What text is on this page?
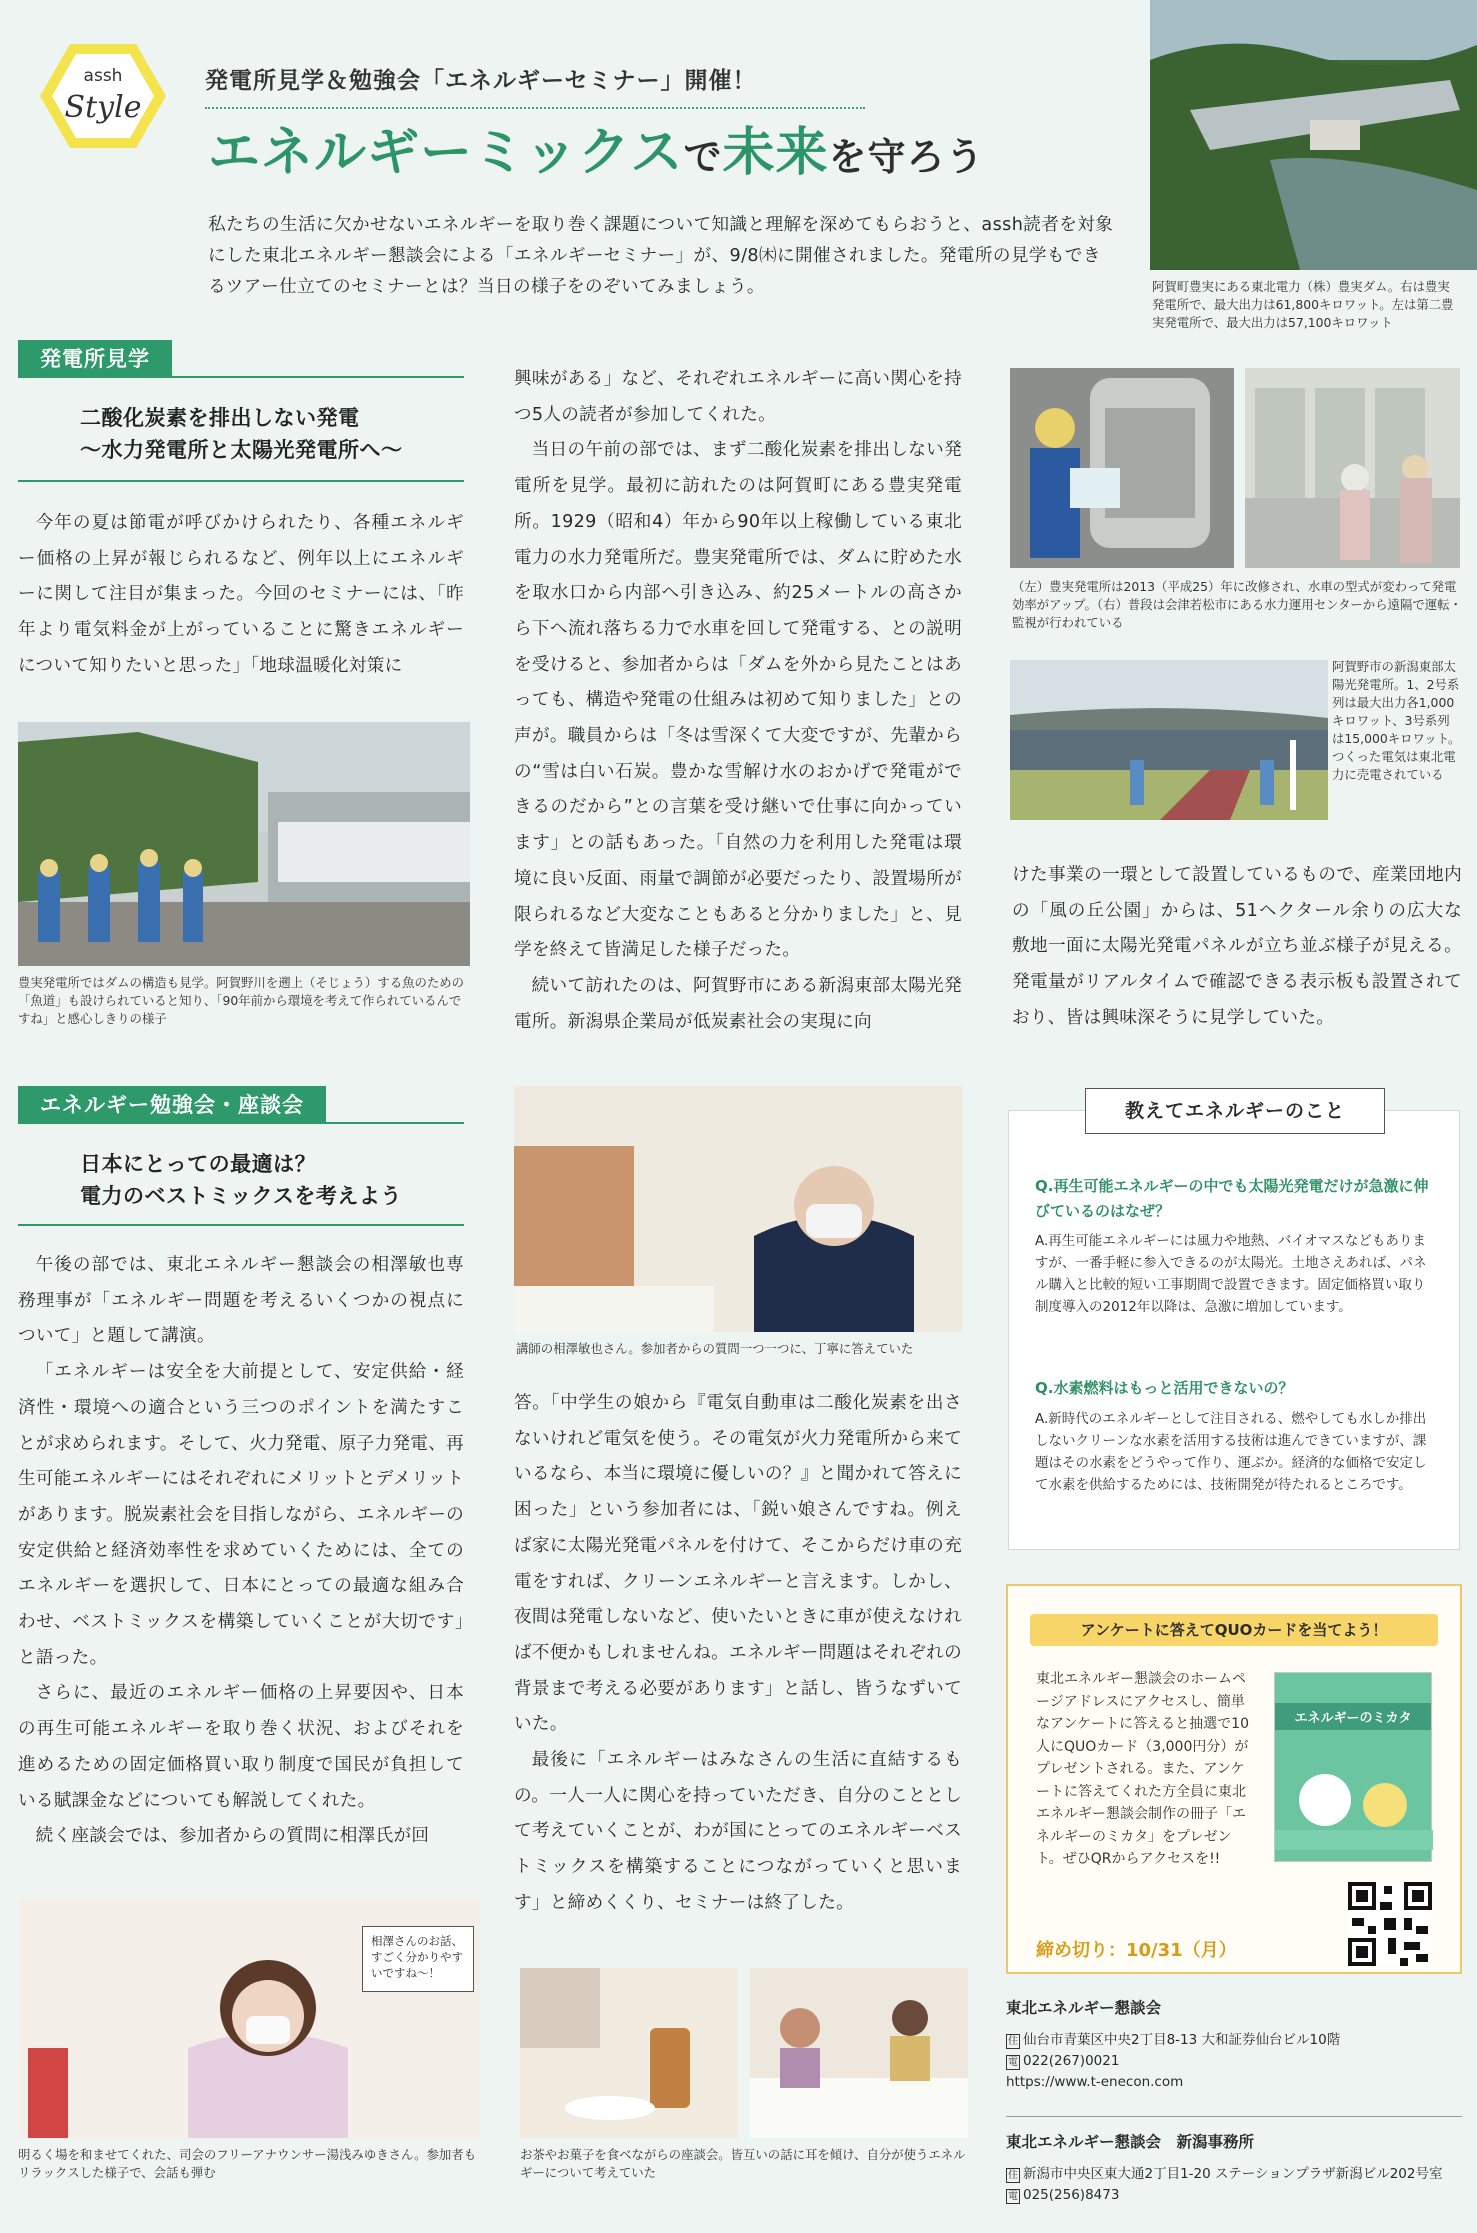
assh
Style
発電所見学＆勉強会「エネルギーセミナー」開催！
エネルギーミックスで未来を守ろう
私たちの生活に欠かせないエネルギーを取り巻く課題について知識と理解を深めてもらおうと、assh読者を対象にした東北エネルギー懇談会による「エネルギーセミナー」が、9/8㈭に開催されました。発電所の見学もできるツアー仕立てのセミナーとは？当日の様子をのぞいてみましょう。	阿賀町豊実にある東北電力（株）豊実ダム。右は豊実発電所で、最大出力は61,800キロワット。左は第二豊実発電所で、最大出力は57,100キロワット
発電所見学
二酸化炭素を排出しない発電
〜水力発電所と太陽光発電所へ〜

今年の夏は節電が呼びかけられたり、各種エネルギー価格の上昇が報じられるなど、例年以上にエネルギーに関して注目が集まった。今回のセミナーには、「昨年より電気料金が上がっていることに驚きエネルギーについて知りたいと思った」「地球温暖化対策に

豊実発電所ではダムの構造も見学。阿賀野川を遡上（そじょう）する魚のための「魚道」も設けられていると知り、「90年前から環境を考えて作られているんですね」と感心しきりの様子

興味がある」など、それぞれエネルギーに高い関心を持つ5人の読者が参加してくれた。

当日の午前の部では、まず二酸化炭素を排出しない発電所を見学。最初に訪れたのは阿賀町にある豊実発電所。1929（昭和4）年から90年以上稼働している東北電力の水力発電所だ。豊実発電所では、ダムに貯めた水を取水口から内部へ引き込み、約25メートルの高さから下へ流れ落ちる力で水車を回して発電する、との説明を受けると、参加者からは「ダムを外から見たことはあっても、構造や発電の仕組みは初めて知りました」との声が。職員からは「冬は雪深くて大変ですが、先輩からの“雪は白い石炭。豊かな雪解け水のおかげで発電ができるのだから”との言葉を受け継いで仕事に向かっています」との話もあった。「自然の力を利用した発電は環境に良い反面、雨量で調節が必要だったり、設置場所が限られるなど大変なこともあると分かりました」と、見学を終えて皆満足した様子だった。

続いて訪れたのは、阿賀野市にある新潟東部太陽光発電所。新潟県企業局が低炭素社会の実現に向

（左）豊実発電所は2013（平成25）年に改修され、水車の型式が変わって発電効率がアップ。（右）普段は会津若松市にある水力運用センターから遠隔で運転・監視が行われている
阿賀野市の新潟東部太陽光発電所。1、2号系列は最大出力各1,000キロワット、3号系列は15,000キロワット。つくった電気は東北電力に売電されている

けた事業の一環として設置しているもので、産業団地内の「風の丘公園」からは、51ヘクタール余りの広大な敷地一面に太陽光発電パネルが立ち並ぶ様子が見える。発電量がリアルタイムで確認できる表示板も設置されており、皆は興味深そうに見学していた。

エネルギー勉強会・座談会
日本にとっての最適は？
電力のベストミックスを考えよう

午後の部では、東北エネルギー懇談会の相澤敏也専務理事が「エネルギー問題を考えるいくつかの視点について」と題して講演。

「エネルギーは安全を大前提として、安定供給・経済性・環境への適合という三つのポイントを満たすことが求められます。そして、火力発電、原子力発電、再生可能エネルギーにはそれぞれにメリットとデメリットがあります。脱炭素社会を目指しながら、エネルギーの安定供給と経済効率性を求めていくためには、全てのエネルギーを選択して、日本にとっての最適な組み合わせ、ベストミックスを構築していくことが大切です」と語った。

さらに、最近のエネルギー価格の上昇要因や、日本の再生可能エネルギーを取り巻く状況、およびそれを進めるための固定価格買い取り制度で国民が負担している賦課金などについても解説してくれた。

続く座談会では、参加者からの質問に相澤氏が回

講師の相澤敏也さん。参加者からの質問一つ一つに、丁寧に答えていた

答。「中学生の娘から『電気自動車は二酸化炭素を出さないけれど電気を使う。その電気が火力発電所から来ているなら、本当に環境に優しいの？』と聞かれて答えに困った」という参加者には、「鋭い娘さんですね。例えば家に太陽光発電パネルを付けて、そこからだけ車の充電をすれば、クリーンエネルギーと言えます。しかし、夜間は発電しないなど、使いたいときに車が使えなければ不便かもしれませんね。エネルギー問題はそれぞれの背景まで考える必要があります」と話し、皆うなずいていた。

最後に「エネルギーはみなさんの生活に直結するもの。一人一人に関心を持っていただき、自分のこととして考えていくことが、わが国にとってのエネルギーベストミックスを構築することにつながっていくと思います」と締めくくり、セミナーは終了した。

相澤さんのお話、すごく分かりやすいですね〜！
明るく場を和ませてくれた、司会のフリーアナウンサー湯浅みゆきさん。参加者もリラックスした様子で、会話も弾む
お茶やお菓子を食べながらの座談会。皆互いの話に耳を傾け、自分が使うエネルギーについて考えていた
教えてエネルギーのこと
Q.再生可能エネルギーの中でも太陽光発電だけが急激に伸びているのはなぜ？
A.再生可能エネルギーには風力や地熱、バイオマスなどもありますが、一番手軽に参入できるのが太陽光。土地さえあれば、パネル購入と比較的短い工事期間で設置できます。固定価格買い取り制度導入の2012年以降は、急激に増加しています。
Q.水素燃料はもっと活用できないの？
A.新時代のエネルギーとして注目される、燃やしても水しか排出しないクリーンな水素を活用する技術は進んできていますが、課題はその水素をどうやって作り、運ぶか。経済的な価格で安定して水素を供給するためには、技術開発が待たれるところです。
アンケートに答えてQUOカードを当てよう！
東北エネルギー懇談会のホームページアドレスにアクセスし、簡単なアンケートに答えると抽選で10人にQUOカード（3,000円分）がプレゼントされる。また、アンケートに答えてくれた方全員に東北エネルギー懇談会制作の冊子「エネルギーのミカタ」をプレゼント。ぜひQRからアクセスを!!
エネルギーのミカタ
締め切り：10/31（月）
東北エネルギー懇談会
住 仙台市青葉区中央2丁目8-13 大和証券仙台ビル10階
電 022(267)0021
https://www.t-enecon.com
東北エネルギー懇談会　新潟事務所
住 新潟市中央区東大通2丁目1-20 ステーションプラザ新潟ビル202号室
電 025(256)8473
